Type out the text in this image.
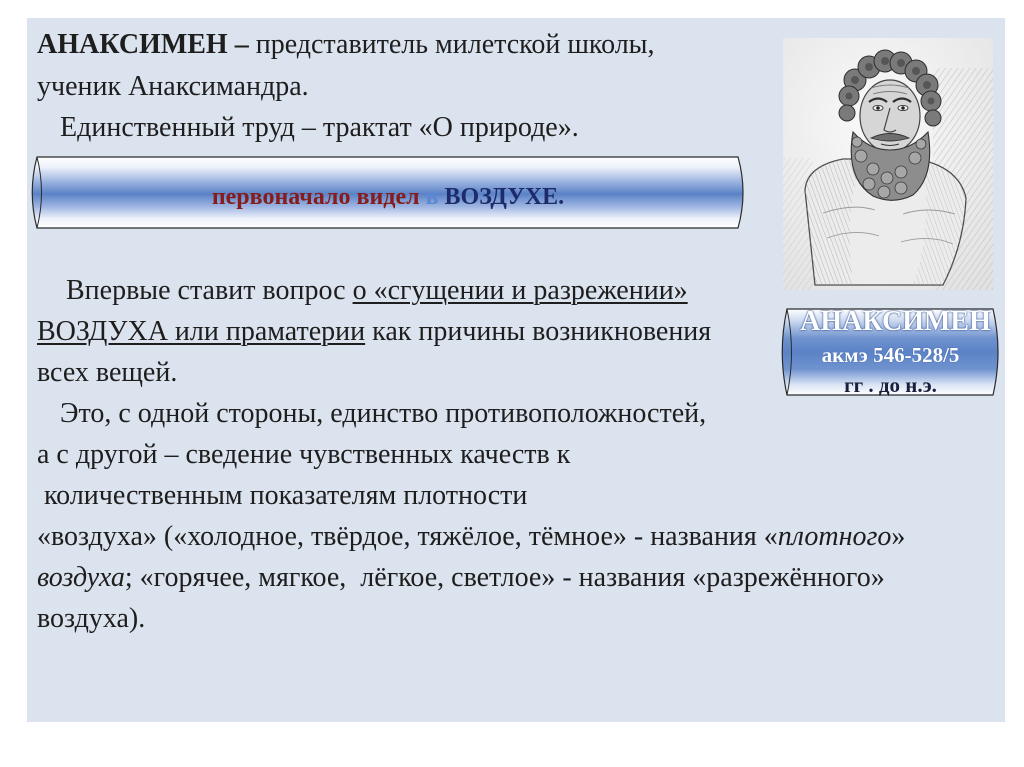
АНАКСИМЕН – представитель милетской школы,
ученик Анаксимандра.
Единственный труд – трактат «О природе».
первоначало видел в ВОЗДУХЕ.
Впервые ставит вопрос о «сгущении и разрежении»
ВОЗДУХА или праматерии как причины возникновения
всех вещей.
Это, с одной стороны, единство противоположностей,
а с другой – сведение чувственных качеств к
количественным показателям плотности
«воздуха» («холодное, твёрдое, тяжёлое, тёмное» - названия «плотного»
воздуха; «горячее, мягкое,  лёгкое, светлое» - названия «разрежённого»
воздуха).
АНАКСИМЕН
акмэ 546-528/5
гг . до н.э.
